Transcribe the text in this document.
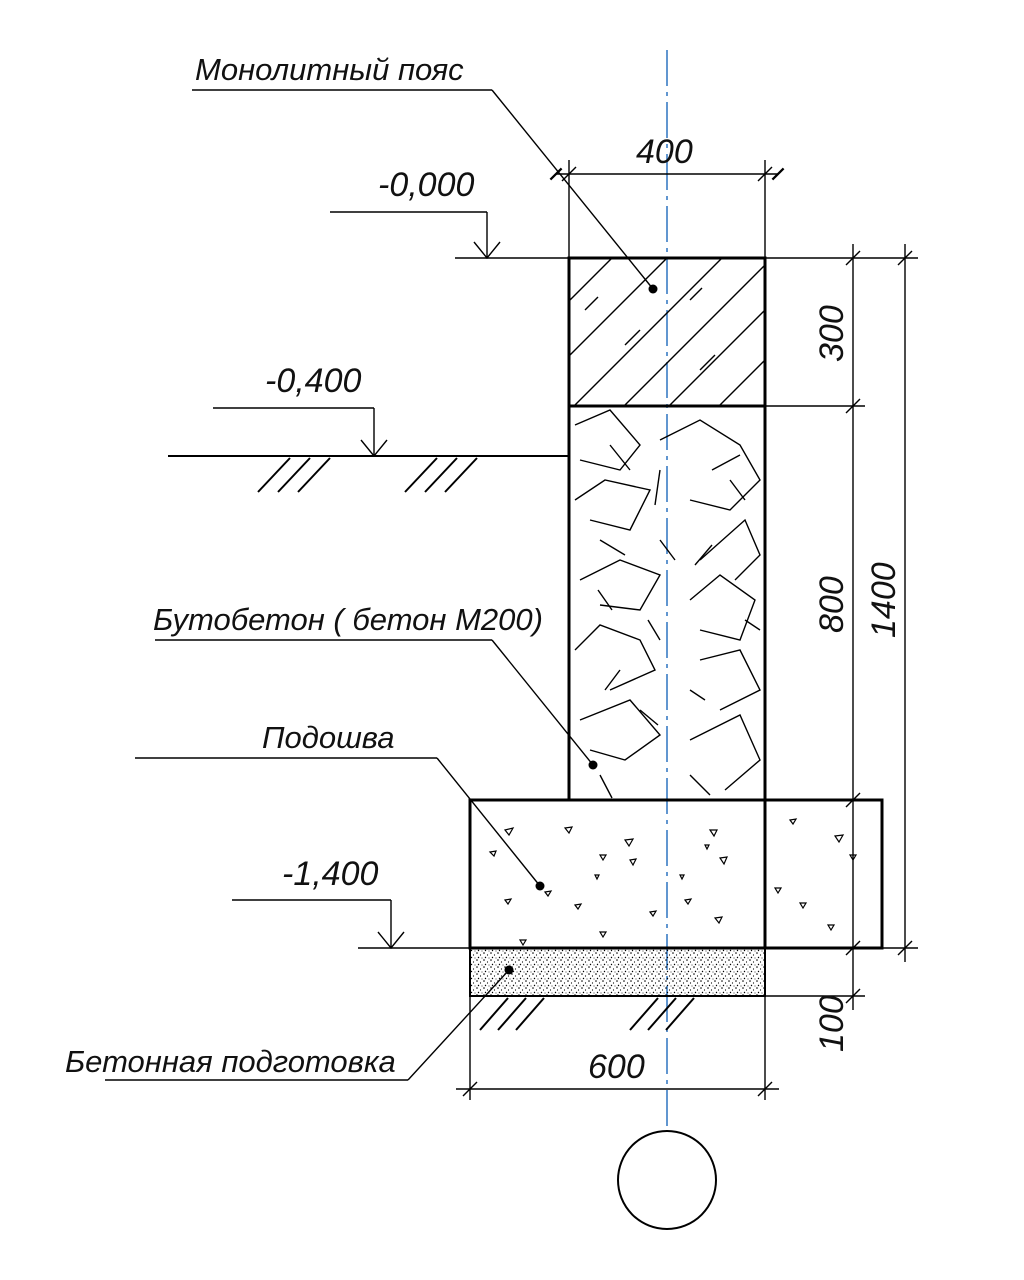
-0,000
-0,400
-1,400
Монолитный пояс
Бутобетон ( бетон М200)
Подошва
Бетонная подготовка
400
600
300
800
100
1400
